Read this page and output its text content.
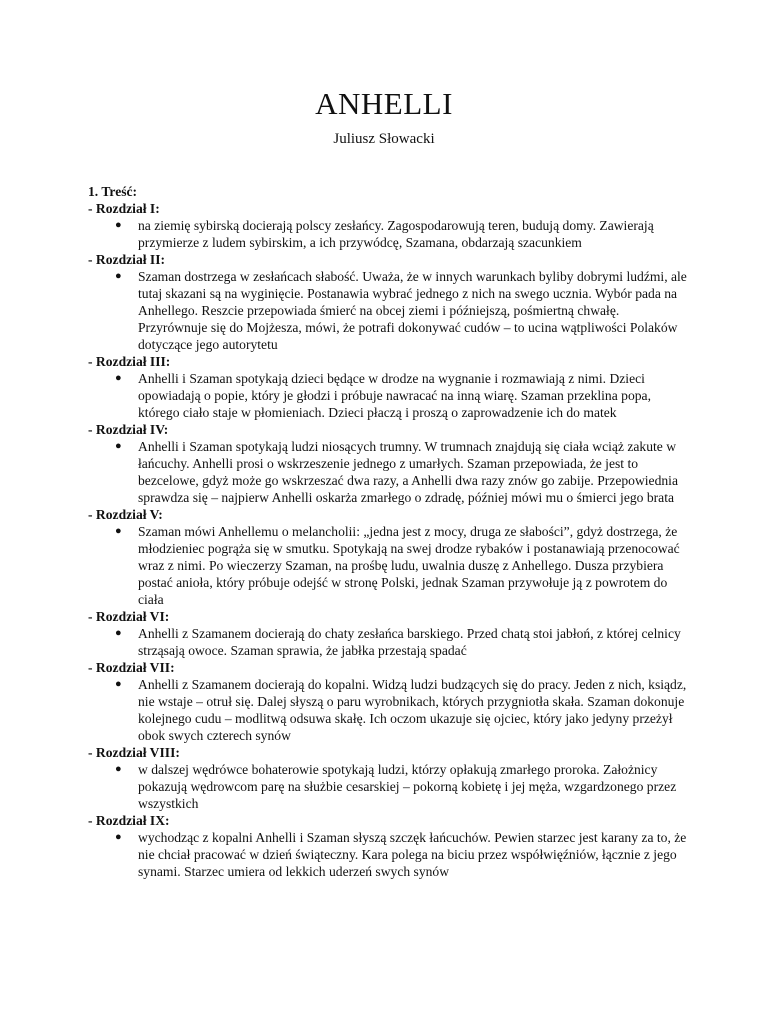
ANHELLI

Juliusz Słowacki

1. Treść:

- Rozdział I:

● na ziemię sybirską docierają polscy zesłańcy. Zagospodarowują teren, budują domy. Zawierają przymierze z ludem sybirskim, a ich przywódcę, Szamana, obdarzają szacunkiem

- Rozdział II:

● Szaman dostrzega w zesłańcach słabość. Uważa, że w innych warunkach byliby dobrymi ludźmi, ale tutaj skazani są na wyginięcie. Postanawia wybrać jednego z nich na swego ucznia. Wybór pada na Anhellego. Reszcie przepowiada śmierć na obcej ziemi i późniejszą, pośmiertną chwałę. Przyrównuje się do Mojżesza, mówi, że potrafi dokonywać cudów – to ucina wątpliwości Polaków dotyczące jego autorytetu

- Rozdział III:

● Anhelli i Szaman spotykają dzieci będące w drodze na wygnanie i rozmawiają z nimi. Dzieci opowiadają o popie, który je głodzi i próbuje nawracać na inną wiarę. Szaman przeklina popa, którego ciało staje w płomieniach. Dzieci płaczą i proszą o zaprowadzenie ich do matek

- Rozdział IV:

● Anhelli i Szaman spotykają ludzi niosących trumny. W trumnach znajdują się ciała wciąż zakute w łańcuchy. Anhelli prosi o wskrzeszenie jednego z umarłych. Szaman przepowiada, że jest to bezcelowe, gdyż może go wskrzeszać dwa razy, a Anhelli dwa razy znów go zabije. Przepowiednia sprawdza się – najpierw Anhelli oskarża zmarłego o zdradę, później mówi mu o śmierci jego brata

- Rozdział V:

● Szaman mówi Anhellemu o melancholii: „jedna jest z mocy, druga ze słabości”, gdyż dostrzega, że młodzieniec pogrąża się w smutku. Spotykają na swej drodze rybaków i postanawiają przenocować wraz z nimi. Po wieczerzy Szaman, na prośbę ludu, uwalnia duszę z Anhellego. Dusza przybiera postać anioła, który próbuje odejść w stronę Polski, jednak Szaman przywołuje ją z powrotem do ciała

- Rozdział VI:

● Anhelli z Szamanem docierają do chaty zesłańca barskiego. Przed chatą stoi jabłoń, z której celnicy strząsają owoce. Szaman sprawia, że jabłka przestają spadać

- Rozdział VII:

● Anhelli z Szamanem docierają do kopalni. Widzą ludzi budzących się do pracy. Jeden z nich, ksiądz, nie wstaje – otruł się. Dalej słyszą o paru wyrobnikach, których przygniotła skała. Szaman dokonuje kolejnego cudu – modlitwą odsuwa skałę. Ich oczom ukazuje się ojciec, który jako jedyny przeżył obok swych czterech synów

- Rozdział VIII:

● w dalszej wędrówce bohaterowie spotykają ludzi, którzy opłakują zmarłego proroka. Założnicy pokazują wędrowcom parę na służbie cesarskiej – pokorną kobietę i jej męża, wzgardzonego przez wszystkich

- Rozdział IX:

● wychodząc z kopalni Anhelli i Szaman słyszą szczęk łańcuchów. Pewien starzec jest karany za to, że nie chciał pracować w dzień świąteczny. Kara polega na biciu przez współwięźniów, łącznie z jego synami. Starzec umiera od lekkich uderzeń swych synów
